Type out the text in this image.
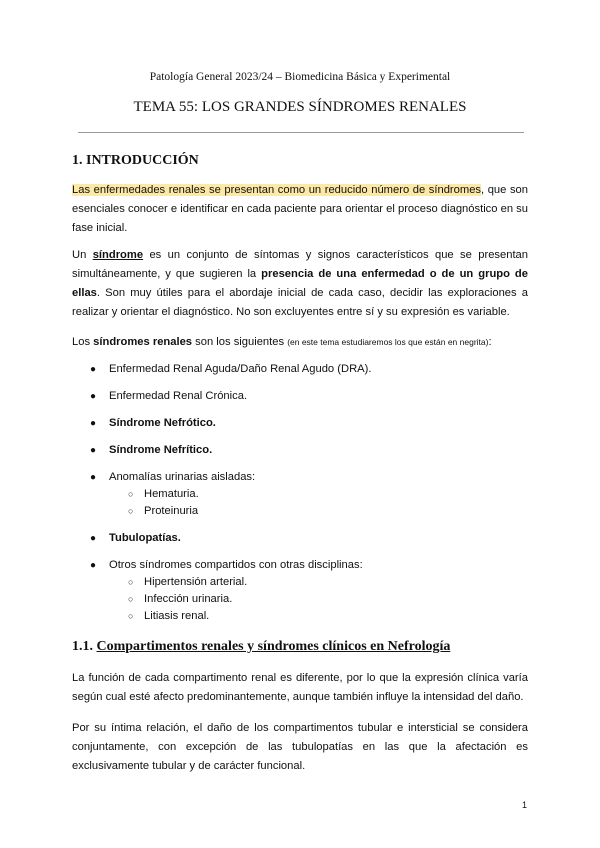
Patología General 2023/24 – Biomedicina Básica y Experimental
TEMA 55: LOS GRANDES SÍNDROMES RENALES
1. INTRODUCCIÓN
Las enfermedades renales se presentan como un reducido número de síndromes, que son esenciales conocer e identificar en cada paciente para orientar el proceso diagnóstico en su fase inicial.
Un síndrome es un conjunto de síntomas y signos característicos que se presentan simultáneamente, y que sugieren la presencia de una enfermedad o de un grupo de ellas. Son muy útiles para el abordaje inicial de cada caso, decidir las exploraciones a realizar y orientar el diagnóstico. No son excluyentes entre sí y su expresión es variable.
Los síndromes renales son los siguientes (en este tema estudiaremos los que están en negrita):
● Enfermedad Renal Aguda/Daño Renal Agudo (DRA).
● Enfermedad Renal Crónica.
● Síndrome Nefrótico.
● Síndrome Nefrítico.
● Anomalías urinarias aisladas:
○ Hematuria.
○ Proteinuria
● Tubulopatías.
● Otros síndromes compartidos con otras disciplinas:
○ Hipertensión arterial.
○ Infección urinaria.
○ Litiasis renal.
1.1. Compartimentos renales y síndromes clínicos en Nefrología
La función de cada compartimento renal es diferente, por lo que la expresión clínica varía según cual esté afecto predominantemente, aunque también influye la intensidad del daño.
Por su íntima relación, el daño de los compartimentos tubular e intersticial se considera conjuntamente, con excepción de las tubulopatías en las que la afectación es exclusivamente tubular y de carácter funcional.
1
